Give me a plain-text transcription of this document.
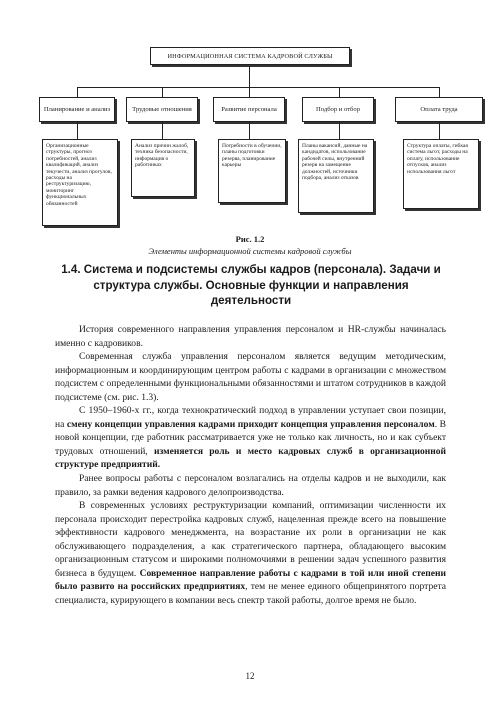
ИНФОРМАЦИОННАЯ СИСТЕМА КАДРОВОЙ СЛУЖБЫ
Планирование и анализ	Трудовые отношения	Развитие персонала	Подбор и отбор	Оплата труда
Организационные структуры, прогноз потребностей, анализ квалификаций, анализ текучести, анализ прогулов, расходы на реструктуризацию, мониторинг функциональных обязанностей
Анализ причин жалоб, техника безопасности, информация о работниках
Потребности в обучении, планы подготовки резерва, планирование карьеры
Планы вакансий, данные на кандидатов, использование рабочей силы, внутренний резерв на замещение должностей, источники подбора, анализ отказов
Структура оплаты, гибкая система льгот, расходы на оплату, использование отпусков, анализ использования льгот
Рис. 1.2
Элементы информационной системы кадровой службы
1.4. Система и подсистемы службы кадров (персонала). Задачи и структура службы. Основные функции и направления деятельности

История современного направления управления персоналом и HR-службы начиналась именно с кадровиков.

Современная служба управления персоналом является ведущим методическим, информационным и координирующим центром работы с кадрами в организации с множеством подсистем с определенными функциональными обязанностями и штатом сотрудников в каждой подсистеме (см. рис. 1.3).

С 1950–1960-х гг., когда технократический подход в управлении уступает свои позиции, на смену концепции управления кадрами приходит концепция управления персоналом. В новой концепции, где работник рассматривается уже не только как личность, но и как субъект трудовых отношений, изменяется роль и место кадровых служб в организационной структуре предприятий.

Ранее вопросы работы с персоналом возлагались на отделы кадров и не выходили, как правило, за рамки ведения кадрового делопроизводства.

В современных условиях реструктуризации компаний, оптимизации численности их персонала происходит перестройка кадровых служб, нацеленная прежде всего на повышение эффективности кадрового менеджмента, на возрастание их роли в организации не как обслуживающего подразделения, а как стратегического партнера, обладающего высоким организационным статусом и широкими полномочиями в решении задач успешного развития бизнеса в будущем. Современное направление работы с кадрами в той или иной степени было развито на российских предприятиях, тем не менее единого общепринятого портрета специалиста, курирующего в компании весь спектр такой работы, долгое время не было.

12
